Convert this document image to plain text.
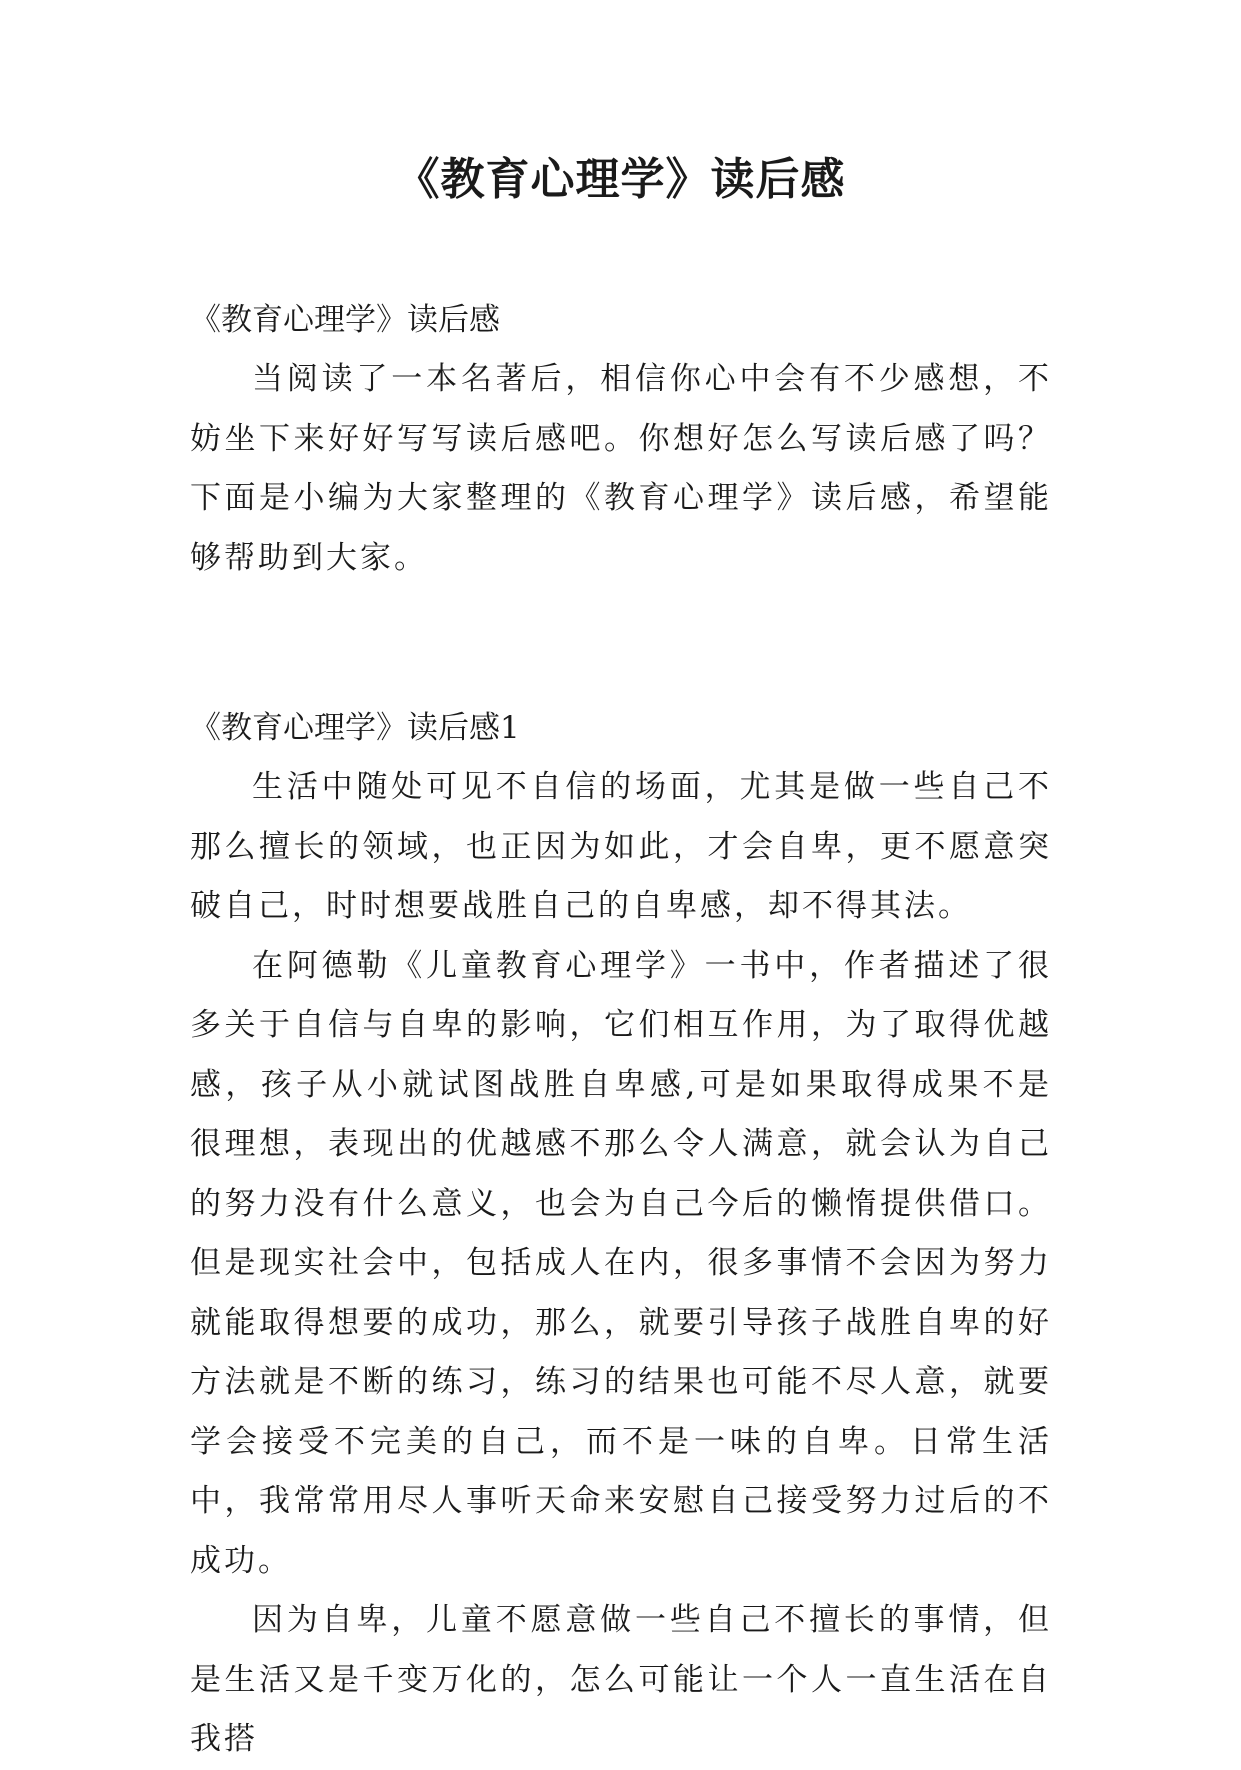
《教育心理学》读后感
《教育心理学》读后感

当阅读了一本名著后，相信你心中会有不少感想，不妨坐下来好好写写读后感吧。你想好怎么写读后感了吗？下面是小编为大家整理的《教育心理学》读后感，希望能够帮助到大家。

《教育心理学》读后感1

生活中随处可见不自信的场面，尤其是做一些自己不那么擅长的领域，也正因为如此，才会自卑，更不愿意突破自己，时时想要战胜自己的自卑感，却不得其法。

在阿德勒《儿童教育心理学》一书中，作者描述了很多关于自信与自卑的影响，它们相互作用，为了取得优越感，孩子从小就试图战胜自卑感,可是如果取得成果不是很理想，表现出的优越感不那么令人满意，就会认为自己的努力没有什么意义，也会为自己今后的懒惰提供借口。但是现实社会中，包括成人在内，很多事情不会因为努力就能取得想要的成功，那么，就要引导孩子战胜自卑的好方法就是不断的练习，练习的结果也可能不尽人意，就要学会接受不完美的自己，而不是一味的自卑。日常生活中，我常常用尽人事听天命来安慰自己接受努力过后的不成功。

因为自卑，儿童不愿意做一些自己不擅长的事情，但是生活又是千变万化的，怎么可能让一个人一直生活在自我搭
